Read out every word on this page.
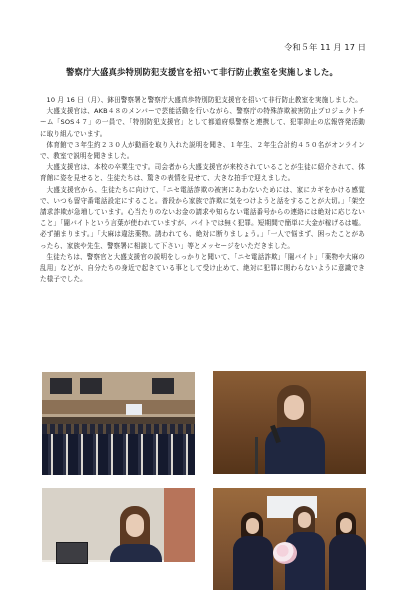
令和５年 11 月 17 日
警察庁大盛真歩特別防犯支援官を招いて非行防止教室を実施しました。

10 月 16 日（月）、鉢田警察署と警察庁大盛真歩特別防犯支援官を招いて非行防止教室を実施しました。

大盛支援官は、AKB４８のメンバーで芸能活動を行いながら、警察庁の特殊詐欺被害防止プロジェクトチーム「SOS４７」の一員で、「特別防犯支援官」として都道府県警察と連携して、犯罪抑止の広報啓発活動に取り組んでいます。

体育館で３年生約２３０人が動画を取り入れた説明を聞き、１年生、２年生合計約４５０名がオンラインで、教室で説明を聞きました。

大盛支援官は、本校の卒業生です。司会者から大盛支援官が来校されていることが生徒に紹介されて、体育館に姿を見せると、生徒たちは、驚きの表情を見せて、大きな拍手で迎えました。

大盛支援官から、生徒たちに向けて、「ニセ電話詐欺の被害にあわないためには、家にカギをかける感覚で、いつも留守番電話設定にすること。普段から家族で詐欺に気をつけようと話をすることが大切。」「架空請求詐欺が急増しています。心当たりのないお金の請求や知らない電話番号からの連絡には絶対に応じないこと」「闇バイトという言葉が使われていますが、バイトでは無く犯罪。短期間で簡単に大金が稼げるは嘘。必ず捕まります。」「大麻は違法薬物。誘われても、絶対に断りましょう。」「一人で悩まず、困ったことがあったら、家族や先生、警察署に相談して下さい」等とメッセージをいただきました。

生徒たちは、警察官と大盛支援官の説明をしっかりと聞いて、「ニセ電話詐欺」「闇バイト」「薬物や大麻の乱用」などが、自分たちの身近で起きている事として受け止めて、絶対に犯罪に関わらないように意識できた様子でした。
